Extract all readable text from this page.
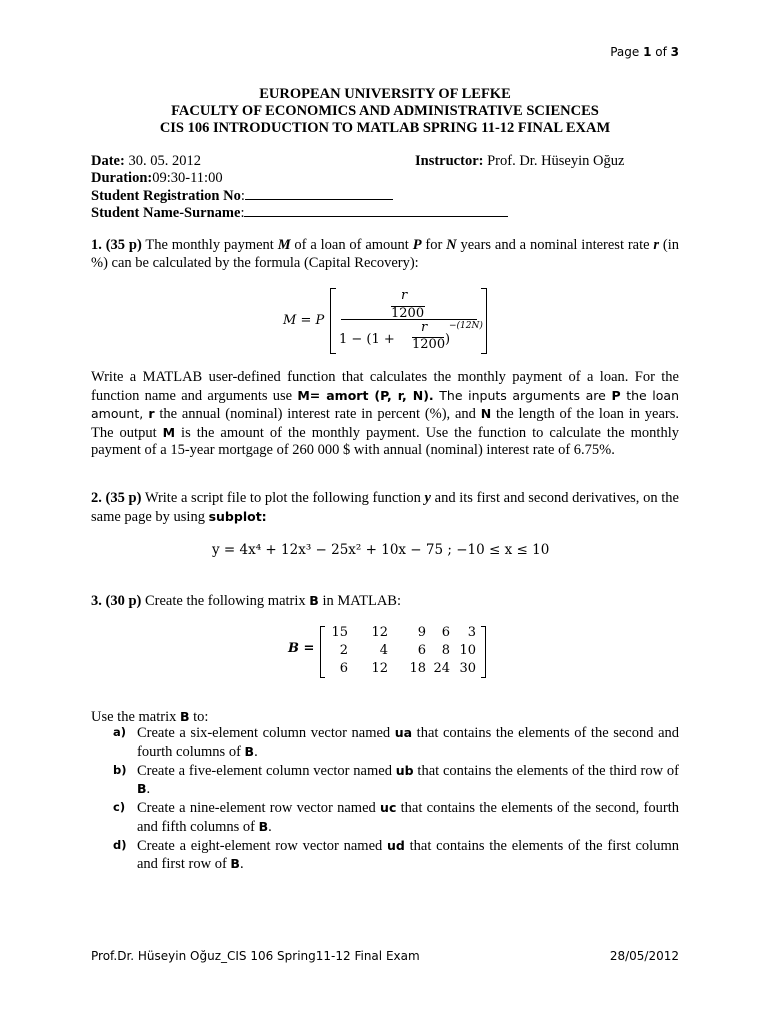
Page 1 of 3
EUROPEAN UNIVERSITY OF LEFKE
FACULTY OF ECONOMICS AND ADMINISTRATIVE SCIENCES
CIS 106 INTRODUCTION TO MATLAB SPRING 11-12 FINAL EXAM
Date: 30. 05. 2012	Instructor: Prof. Dr. Hüseyin Oğuz
Duration:09:30-11:00
Student Registration No:
Student Name-Surname:
1. (35 p) The monthly payment M of a loan of amount P for N years and a nominal interest rate r (in %) can be calculated by the formula (Capital Recovery):
M = P
r
1200
1 − (1 +
r
1200 )
−(12N)
Write a MATLAB user-defined function that calculates the monthly payment of a loan. For the function name and arguments use M= amort (P, r, N). The inputs arguments are P the loan amount, r the annual (nominal) interest rate in percent (%), and N the length of the loan in years. The output M is the amount of the monthly payment. Use the function to calculate the monthly payment of a 15-year mortgage of 260 000 $ with annual (nominal) interest rate of 6.75%.
2. (35 p) Write a script file to plot the following function y and its first and second derivatives, on the same page by using subplot:
y = 4x⁴ + 12x³ − 25x² + 10x − 75 ; −10 ≤ x ≤ 10
3. (30 p) Create the following matrix B in MATLAB:
B =
15	12	9	6	3
2	4	6	8	10
6	12	18	24	30
Use the matrix B to:
a) Create a six-element column vector named ua that contains the elements of the second and fourth columns of B.
b) Create a five-element column vector named ub that contains the elements of the third row of B.
c) Create a nine-element row vector named uc that contains the elements of the second, fourth and fifth columns of B.
d) Create a eight-element row vector named ud that contains the elements of the first column and first row of B.
Prof.Dr. Hüseyin Oğuz_CIS 106 Spring11-12 Final Exam	28/05/2012
